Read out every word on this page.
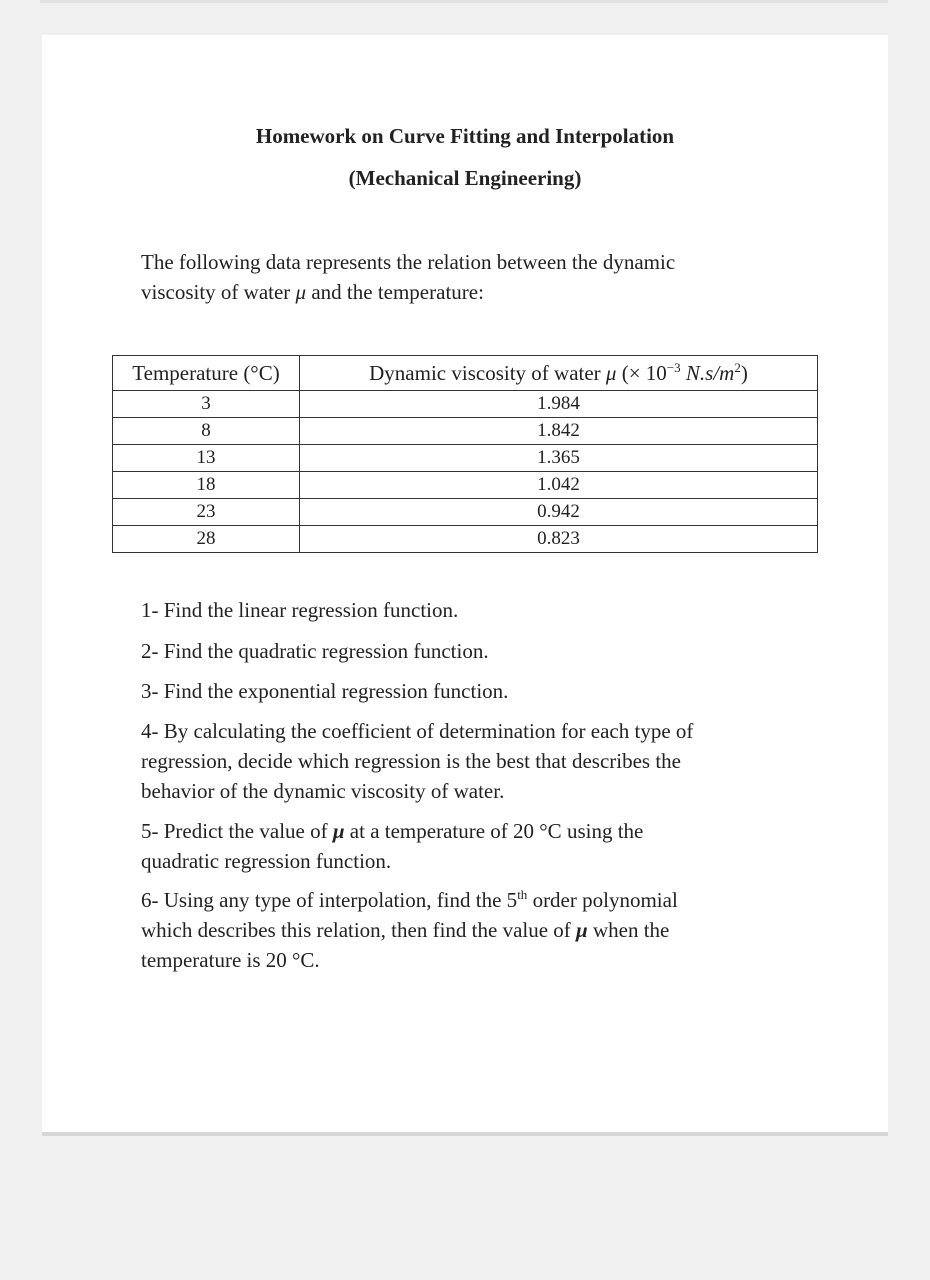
Homework on Curve Fitting and Interpolation
(Mechanical Engineering)
The following data represents the relation between the dynamic
viscosity of water μ and the temperature:
Temperature (°C)	Dynamic viscosity of water μ (× $10^{-3}$ $N.s/m^2$)
3	1.984
8	1.842
13	1.365
18	1.042
23	0.942
28	0.823
1- Find the linear regression function.
2- Find the quadratic regression function.
3- Find the exponential regression function.
4- By calculating the coefficient of determination for each type of
regression, decide which regression is the best that describes the
behavior of the dynamic viscosity of water.
5- Predict the value of μ at a temperature of 20 °C using the
quadratic regression function.
6- Using any type of interpolation, find the 5th order polynomial
which describes this relation, then find the value of μ when the
temperature is 20 °C.
